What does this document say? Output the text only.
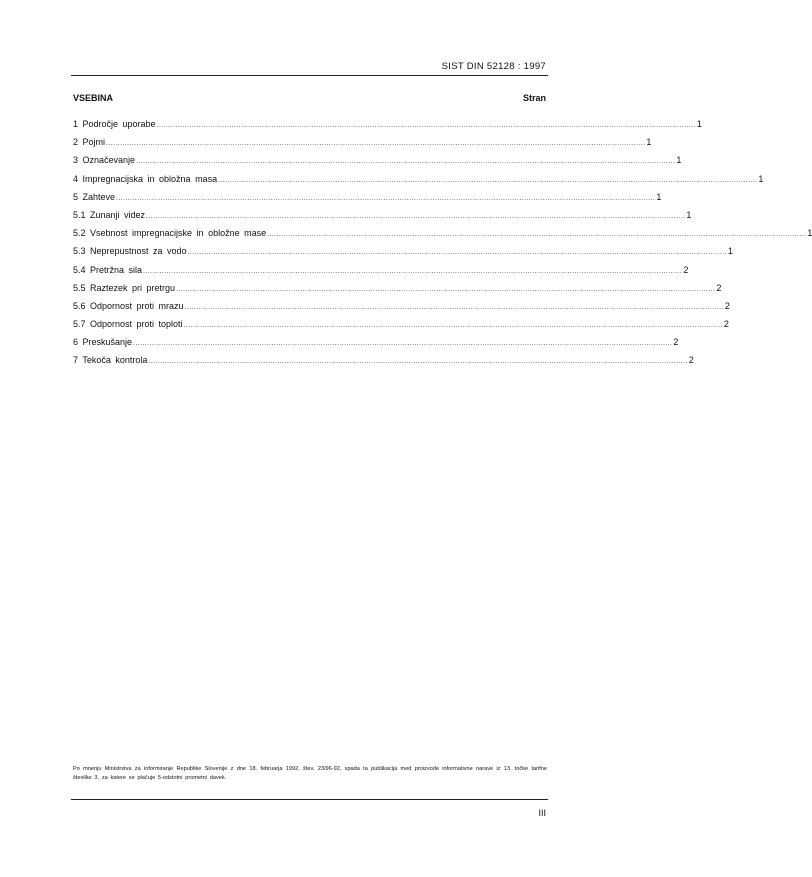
SIST DIN 52128 : 1997
VSEBINA	Stran
1 Področje uporabe ...................................................................................................................................................................................................................................... 1
2 Pojmi ...................................................................................................................................................................................................................................... 1
3 Označevanje ...................................................................................................................................................................................................................................... 1
4 Impregnacijska in obložna masa ...................................................................................................................................................................................................................................... 1
5 Zahteve ...................................................................................................................................................................................................................................... 1
5.1 Zunanji videz ...................................................................................................................................................................................................................................... 1
5.2 Vsebnost impregnacijske in obložne mase ...................................................................................................................................................................................................................................... 1
5.3 Neprepustnost za vodo ...................................................................................................................................................................................................................................... 1
5.4 Pretržna sila ...................................................................................................................................................................................................................................... 2
5.5 Raztezek pri pretrgu ...................................................................................................................................................................................................................................... 2
5.6 Odpornost proti mrazu ...................................................................................................................................................................................................................................... 2
5.7 Odpornost proti toploti ...................................................................................................................................................................................................................................... 2
6 Preskušanje ...................................................................................................................................................................................................................................... 2
7 Tekoča kontrola ...................................................................................................................................................................................................................................... 2

Po mnenju Ministrstva za informiranje Republike Slovenije z dne 18. februarja 1992, štev. 23/96-92, spada ta publikacija med proizvode informativne narave iz 13. točke tarifne številke 3, za katere se plačuje 5-odstotni prometni davek.

III
